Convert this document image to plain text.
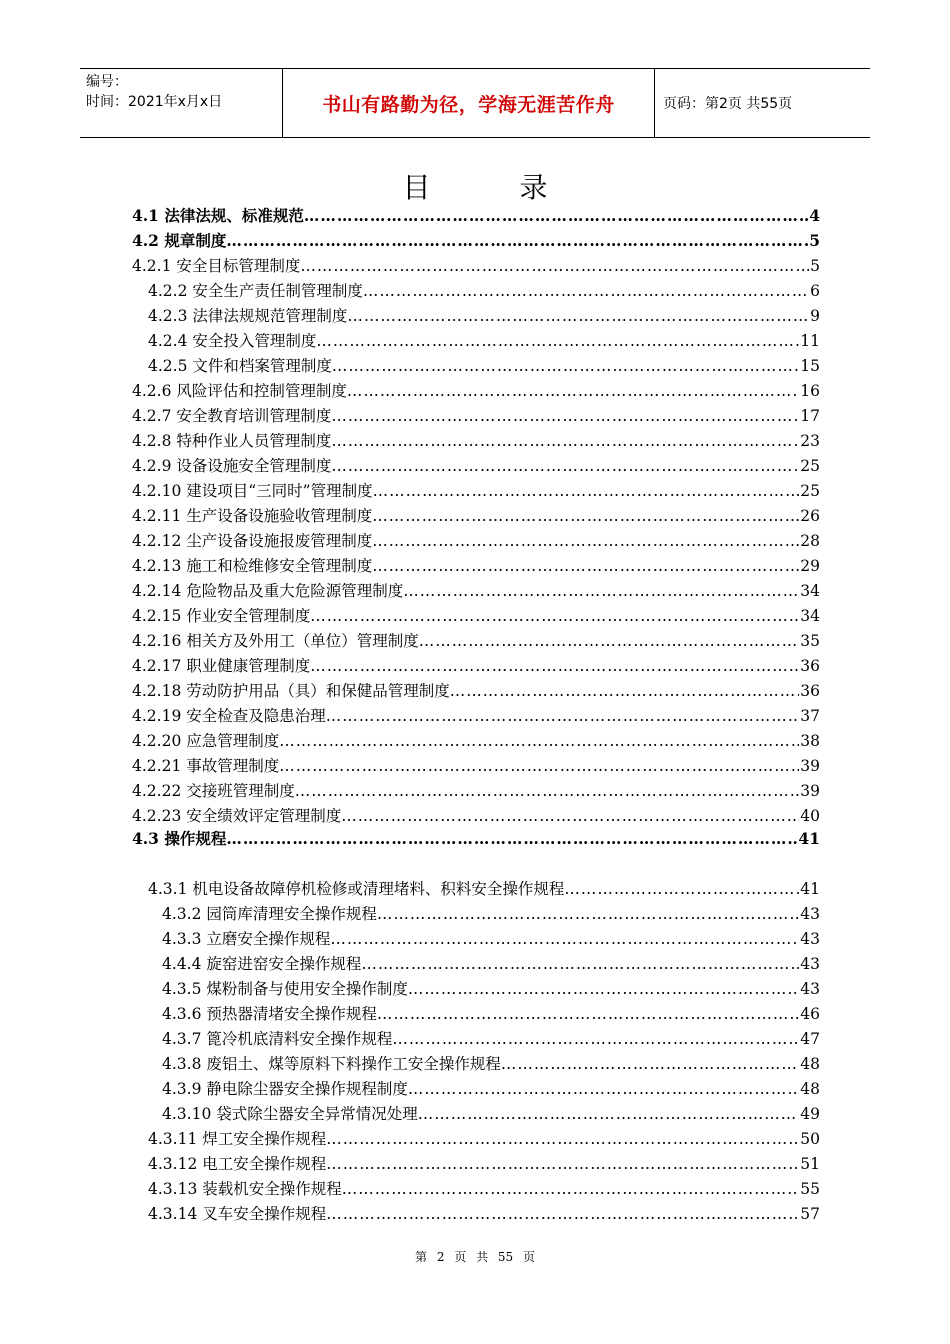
编号：
时间：2021年x月x日	书山有路勤为径，学海无涯苦作舟	页码：第2页 共55页
目 录
4.1 法律法规、标准规范 ……………………………………………………………………………………………………………………………………………………………………………………………………………………	4
4.2 规章制度 ……………………………………………………………………………………………………………………………………………………………………………………………………………………	5
4.2.1 安全目标管理制度 ……………………………………………………………………………………………………………………………………………………………………………………………………………………	5
4.2.2 安全生产责任制管理制度 ……………………………………………………………………………………………………………………………………………………………………………………………………………………	6
4.2.3 法律法规规范管理制度 ……………………………………………………………………………………………………………………………………………………………………………………………………………………	9
4.2.4 安全投入管理制度 ……………………………………………………………………………………………………………………………………………………………………………………………………………………	11
4.2.5 文件和档案管理制度 ……………………………………………………………………………………………………………………………………………………………………………………………………………………	15
4.2.6 风险评估和控制管理制度 ……………………………………………………………………………………………………………………………………………………………………………………………………………………	16
4.2.7 安全教育培训管理制度 ……………………………………………………………………………………………………………………………………………………………………………………………………………………	17
4.2.8 特种作业人员管理制度 ……………………………………………………………………………………………………………………………………………………………………………………………………………………	23
4.2.9 设备设施安全管理制度 ……………………………………………………………………………………………………………………………………………………………………………………………………………………	25
4.2.10 建设项目“三同时”管理制度 ……………………………………………………………………………………………………………………………………………………………………………………………………………………	25
4.2.11 生产设备设施验收管理制度 ……………………………………………………………………………………………………………………………………………………………………………………………………………………	26
4.2.12 尘产设备设施报废管理制度 ……………………………………………………………………………………………………………………………………………………………………………………………………………………	28
4.2.13 施工和检维修安全管理制度 ……………………………………………………………………………………………………………………………………………………………………………………………………………………	29
4.2.14 危险物品及重大危险源管理制度 ……………………………………………………………………………………………………………………………………………………………………………………………………………………	34
4.2.15 作业安全管理制度 ……………………………………………………………………………………………………………………………………………………………………………………………………………………	34
4.2.16 相关方及外用工（单位）管理制度 ……………………………………………………………………………………………………………………………………………………………………………………………………………………	35
4.2.17 职业健康管理制度 ……………………………………………………………………………………………………………………………………………………………………………………………………………………	36
4.2.18 劳动防护用品（具）和保健品管理制度 ……………………………………………………………………………………………………………………………………………………………………………………………………………………	36
4.2.19 安全检查及隐患治理 ……………………………………………………………………………………………………………………………………………………………………………………………………………………	37
4.2.20 应急管理制度 ……………………………………………………………………………………………………………………………………………………………………………………………………………………	38
4.2.21 事故管理制度 ……………………………………………………………………………………………………………………………………………………………………………………………………………………	39
4.2.22 交接班管理制度 ……………………………………………………………………………………………………………………………………………………………………………………………………………………	39
4.2.23 安全绩效评定管理制度 ……………………………………………………………………………………………………………………………………………………………………………………………………………………	40
4.3 操作规程 ……………………………………………………………………………………………………………………………………………………………………………………………………………………	41
4.3.1 机电设备故障停机检修或清理堵料、积料安全操作规程 ……………………………………………………………………………………………………………………………………………………………………………………………………………………	41
4.3.2 园筒库清理安全操作规程 ……………………………………………………………………………………………………………………………………………………………………………………………………………………	43
4.3.3 立磨安全操作规程 ……………………………………………………………………………………………………………………………………………………………………………………………………………………	43
4.4.4 旋窑进窑安全操作规程 ……………………………………………………………………………………………………………………………………………………………………………………………………………………	43
4.3.5 煤粉制备与使用安全操作制度 ……………………………………………………………………………………………………………………………………………………………………………………………………………………	43
4.3.6 预热器清堵安全操作规程 ……………………………………………………………………………………………………………………………………………………………………………………………………………………	46
4.3.7 篦冷机底清料安全操作规程 ……………………………………………………………………………………………………………………………………………………………………………………………………………………	47
4.3.8 废铝土、煤等原料下料操作工安全操作规程 ……………………………………………………………………………………………………………………………………………………………………………………………………………………	48
4.3.9 静电除尘器安全操作规程制度 ……………………………………………………………………………………………………………………………………………………………………………………………………………………	48
4.3.10 袋式除尘器安全异常情况处理 ……………………………………………………………………………………………………………………………………………………………………………………………………………………	49
4.3.11 焊工安全操作规程 ……………………………………………………………………………………………………………………………………………………………………………………………………………………	50
4.3.12 电工安全操作规程 ……………………………………………………………………………………………………………………………………………………………………………………………………………………	51
4.3.13 装载机安全操作规程 ……………………………………………………………………………………………………………………………………………………………………………………………………………………	55
4.3.14 叉车安全操作规程 ……………………………………………………………………………………………………………………………………………………………………………………………………………………	57
第 2 页 共 55 页
